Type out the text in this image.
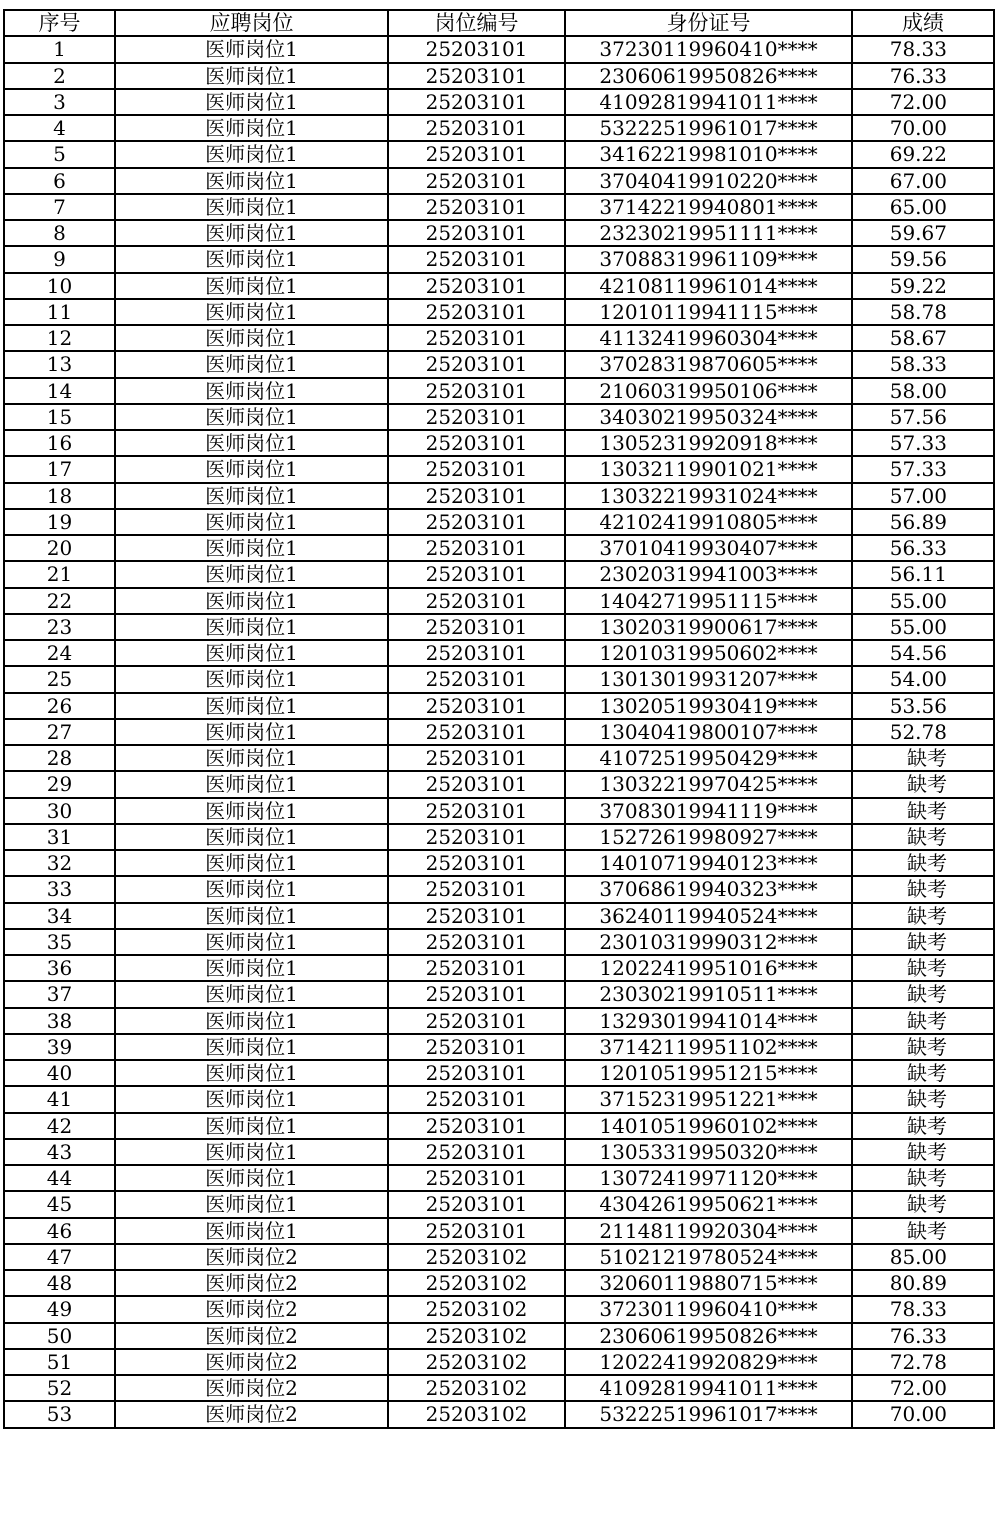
序号	应聘岗位	岗位编号	身份证号	成绩
1	医师岗位1	25203101	37230119960410****	78.33
2	医师岗位1	25203101	23060619950826****	76.33
3	医师岗位1	25203101	41092819941011****	72.00
4	医师岗位1	25203101	53222519961017****	70.00
5	医师岗位1	25203101	34162219981010****	69.22
6	医师岗位1	25203101	37040419910220****	67.00
7	医师岗位1	25203101	37142219940801****	65.00
8	医师岗位1	25203101	23230219951111****	59.67
9	医师岗位1	25203101	37088319961109****	59.56
10	医师岗位1	25203101	42108119961014****	59.22
11	医师岗位1	25203101	12010119941115****	58.78
12	医师岗位1	25203101	41132419960304****	58.67
13	医师岗位1	25203101	37028319870605****	58.33
14	医师岗位1	25203101	21060319950106****	58.00
15	医师岗位1	25203101	34030219950324****	57.56
16	医师岗位1	25203101	13052319920918****	57.33
17	医师岗位1	25203101	13032119901021****	57.33
18	医师岗位1	25203101	13032219931024****	57.00
19	医师岗位1	25203101	42102419910805****	56.89
20	医师岗位1	25203101	37010419930407****	56.33
21	医师岗位1	25203101	23020319941003****	56.11
22	医师岗位1	25203101	14042719951115****	55.00
23	医师岗位1	25203101	13020319900617****	55.00
24	医师岗位1	25203101	12010319950602****	54.56
25	医师岗位1	25203101	13013019931207****	54.00
26	医师岗位1	25203101	13020519930419****	53.56
27	医师岗位1	25203101	13040419800107****	52.78
28	医师岗位1	25203101	41072519950429****	缺考
29	医师岗位1	25203101	13032219970425****	缺考
30	医师岗位1	25203101	37083019941119****	缺考
31	医师岗位1	25203101	15272619980927****	缺考
32	医师岗位1	25203101	14010719940123****	缺考
33	医师岗位1	25203101	37068619940323****	缺考
34	医师岗位1	25203101	36240119940524****	缺考
35	医师岗位1	25203101	23010319990312****	缺考
36	医师岗位1	25203101	12022419951016****	缺考
37	医师岗位1	25203101	23030219910511****	缺考
38	医师岗位1	25203101	13293019941014****	缺考
39	医师岗位1	25203101	37142119951102****	缺考
40	医师岗位1	25203101	12010519951215****	缺考
41	医师岗位1	25203101	37152319951221****	缺考
42	医师岗位1	25203101	14010519960102****	缺考
43	医师岗位1	25203101	13053319950320****	缺考
44	医师岗位1	25203101	13072419971120****	缺考
45	医师岗位1	25203101	43042619950621****	缺考
46	医师岗位1	25203101	21148119920304****	缺考
47	医师岗位2	25203102	51021219780524****	85.00
48	医师岗位2	25203102	32060119880715****	80.89
49	医师岗位2	25203102	37230119960410****	78.33
50	医师岗位2	25203102	23060619950826****	76.33
51	医师岗位2	25203102	12022419920829****	72.78
52	医师岗位2	25203102	41092819941011****	72.00
53	医师岗位2	25203102	53222519961017****	70.00
